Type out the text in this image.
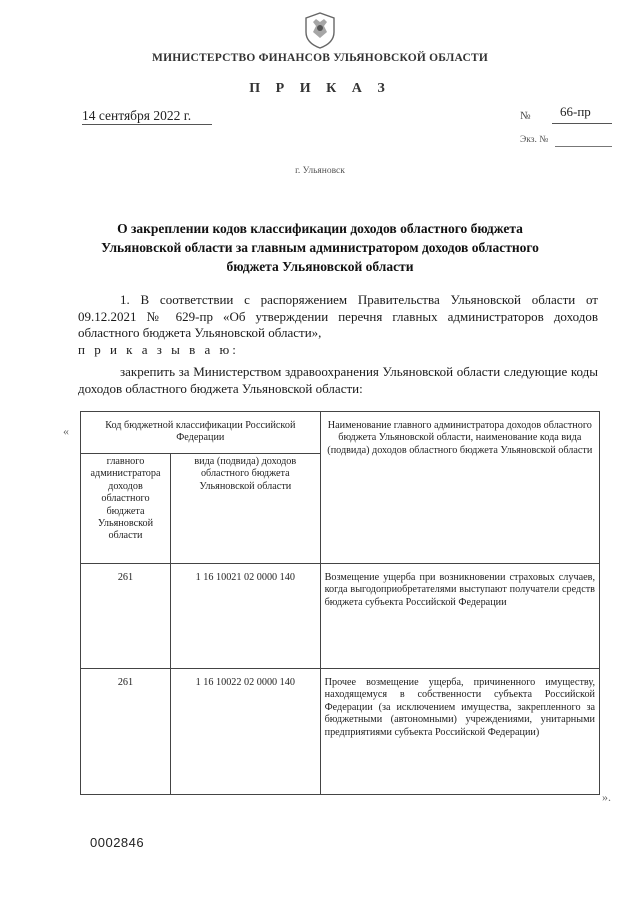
МИНИСТЕРСТВО ФИНАНСОВ УЛЬЯНОВСКОЙ ОБЛАСТИ
П Р И К А З
14 сентября 2022 г.	№ 66-пр
Экз. №
г. Ульяновск
О закреплении кодов классификации доходов областного бюджета Ульяновской области за главным администратором доходов областного бюджета Ульяновской области
1. В соответствии с распоряжением Правительства Ульяновской области от 09.12.2021 № 629-пр «Об утверждении перечня главных администраторов доходов областного бюджета Ульяновской области»,
п р и к а з ы в а ю:
закрепить за Министерством здравоохранения Ульяновской области следующие коды доходов областного бюджета Ульяновской области:
«	Код бюджетной классификации Российской Федерации		Наименование главного администратора доходов областного бюджета Ульяновской области, наименование кода вида (подвида) доходов областного бюджета Ульяновской области
главного администратора доходов областного бюджета Ульяновской области	вида (подвида) доходов областного бюджета Ульяновской области	
261	1 16 10021 02 0000 140	Возмещение ущерба при возникновении страховых случаев, когда выгодоприобретателями выступают получатели средств бюджета субъекта Российской Федерации
261	1 16 10022 02 0000 140	Прочее возмещение ущерба, причиненного имуществу, находящемуся в собственности субъекта Российской Федерации (за исключением имущества, закрепленного за бюджетными (автономными) учреждениями, унитарными предприятиями субъекта Российской Федерации)
».
0002846
